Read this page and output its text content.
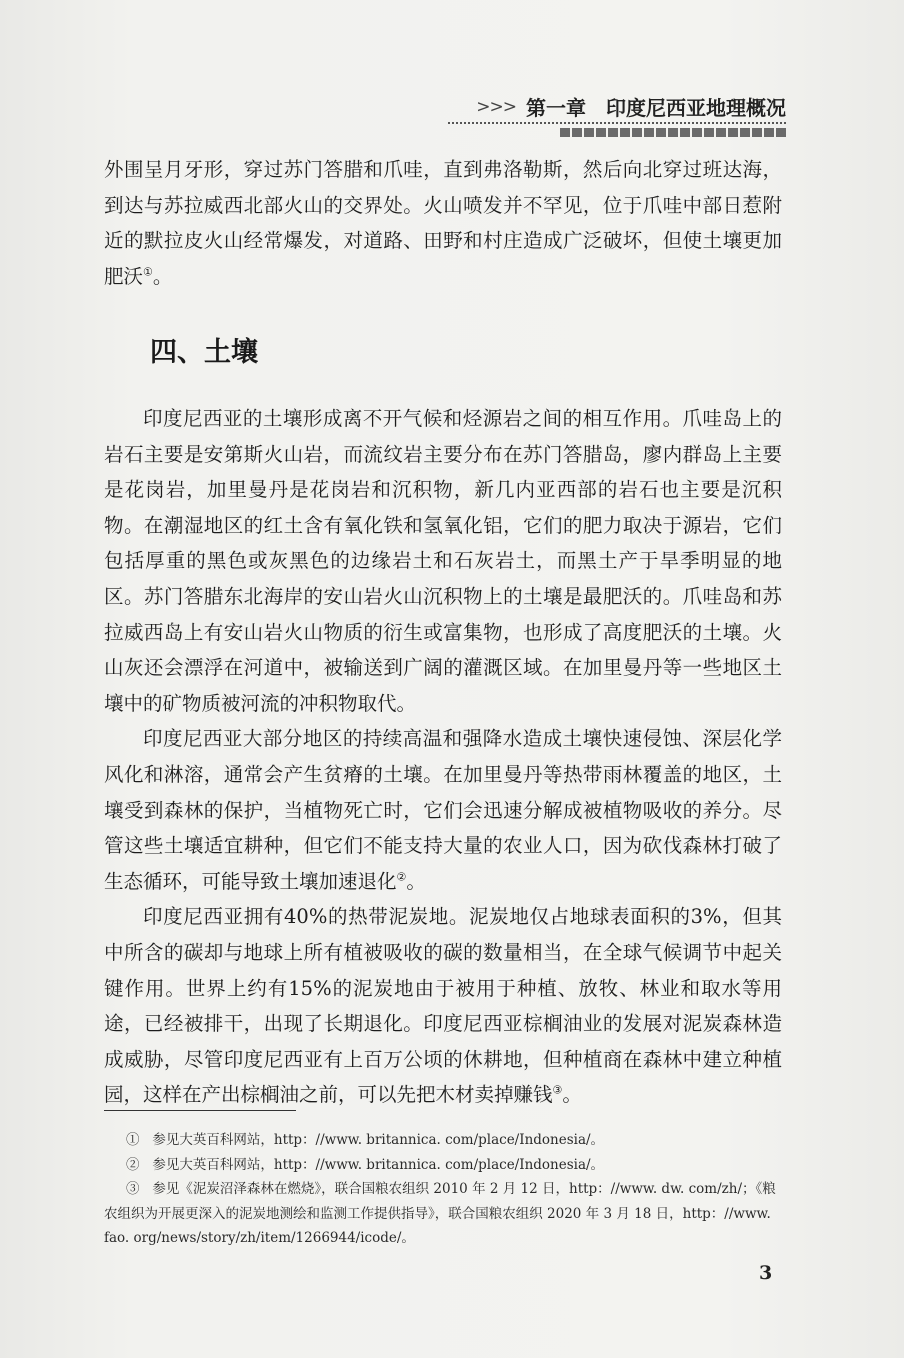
>>> 第一章 印度尼西亚地理概况

外围呈月牙形，穿过苏门答腊和爪哇，直到弗洛勒斯，然后向北穿过班达海，到达与苏拉威西北部火山的交界处。火山喷发并不罕见，位于爪哇中部日惹附近的默拉皮火山经常爆发，对道路、田野和村庄造成广泛破坏，但使土壤更加肥沃①。

四、土壤

印度尼西亚的土壤形成离不开气候和烃源岩之间的相互作用。爪哇岛上的岩石主要是安第斯火山岩，而流纹岩主要分布在苏门答腊岛，廖内群岛上主要是花岗岩，加里曼丹是花岗岩和沉积物，新几内亚西部的岩石也主要是沉积物。在潮湿地区的红土含有氧化铁和氢氧化铝，它们的肥力取决于源岩，它们包括厚重的黑色或灰黑色的边缘岩土和石灰岩土，而黑土产于旱季明显的地区。苏门答腊东北海岸的安山岩火山沉积物上的土壤是最肥沃的。爪哇岛和苏拉威西岛上有安山岩火山物质的衍生或富集物，也形成了高度肥沃的土壤。火山灰还会漂浮在河道中，被输送到广阔的灌溉区域。在加里曼丹等一些地区土壤中的矿物质被河流的冲积物取代。

印度尼西亚大部分地区的持续高温和强降水造成土壤快速侵蚀、深层化学风化和淋溶，通常会产生贫瘠的土壤。在加里曼丹等热带雨林覆盖的地区，土壤受到森林的保护，当植物死亡时，它们会迅速分解成被植物吸收的养分。尽管这些土壤适宜耕种，但它们不能支持大量的农业人口，因为砍伐森林打破了生态循环，可能导致土壤加速退化②。

印度尼西亚拥有40%的热带泥炭地。泥炭地仅占地球表面积的3%，但其中所含的碳却与地球上所有植被吸收的碳的数量相当，在全球气候调节中起关键作用。世界上约有15%的泥炭地由于被用于种植、放牧、林业和取水等用途，已经被排干，出现了长期退化。印度尼西亚棕榈油业的发展对泥炭森林造成威胁，尽管印度尼西亚有上百万公顷的休耕地，但种植商在森林中建立种植园，这样在产出棕榈油之前，可以先把木材卖掉赚钱③。

① 参见大英百科网站，http：//www. britannica. com/place/Indonesia/。

② 参见大英百科网站，http：//www. britannica. com/place/Indonesia/。

③ 参见《泥炭沼泽森林在燃烧》，联合国粮农组织 2010 年 2 月 12 日，http：//www. dw. com/zh/；《粮农组织为开展更深入的泥炭地测绘和监测工作提供指导》，联合国粮农组织 2020 年 3 月 18 日，http：//www. fao. org/news/story/zh/item/1266944/icode/。

3
